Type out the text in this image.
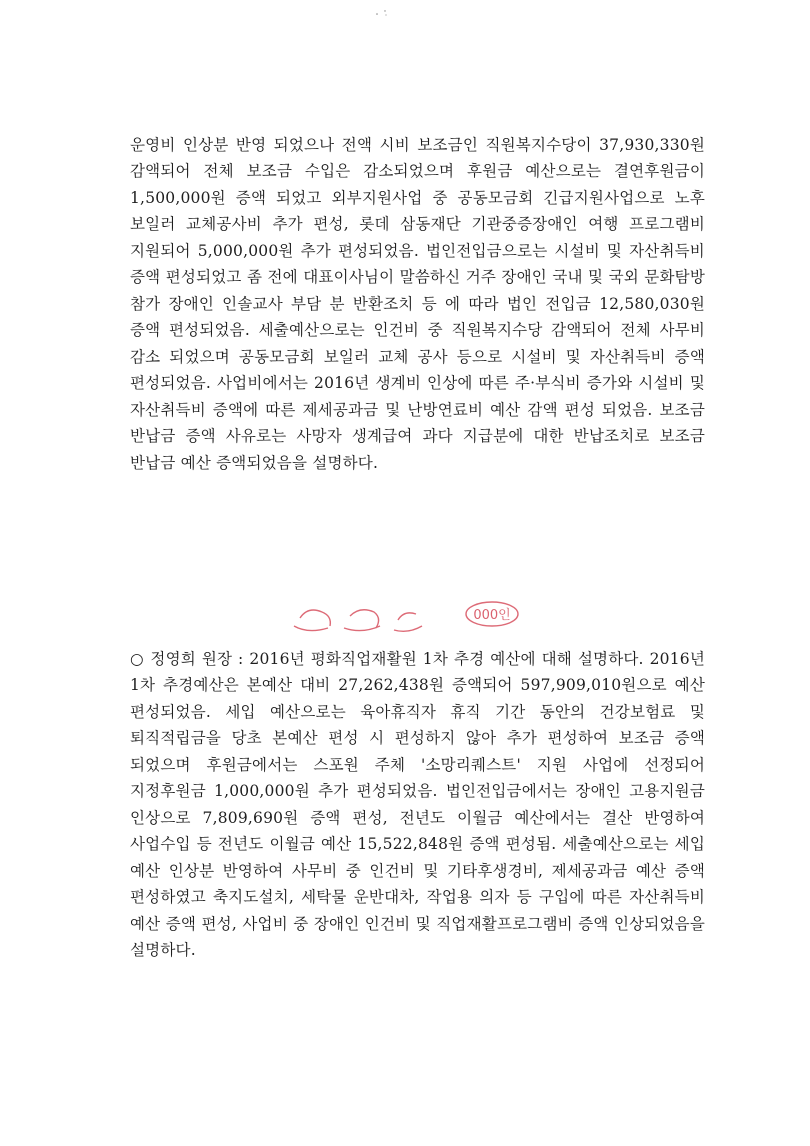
운영비 인상분 반영 되었으나 전액 시비 보조금인 직원복지수당이 37,930,330원 감액되어 전체 보조금 수입은 감소되었으며 후원금 예산으로는 결연후원금이 1,500,000원 증액 되었고 외부지원사업 중 공동모금회 긴급지원사업으로 노후 보일러 교체공사비 추가 편성, 롯데 삼동재단 기관중증장애인 여행 프로그램비 지원되어 5,000,000원 추가 편성되었음. 법인전입금으로는 시설비 및 자산취득비 증액 편성되었고 좀 전에 대표이사님이 말씀하신 거주 장애인 국내 및 국외 문화탐방 참가 장애인 인솔교사 부담 분 반환조치 등 에 따라 법인 전입금 12,580,030원 증액 편성되었음. 세출예산으로는 인건비 중 직원복지수당 감액되어 전체 사무비 감소 되었으며 공동모금회 보일러 교체 공사 등으로 시설비 및 자산취득비 증액 편성되었음. 사업비에서는 2016년 생계비 인상에 따른 주·부식비 증가와 시설비 및 자산취득비 증액에 따른 제세공과금 및 난방연료비 예산 감액 편성 되었음. 보조금 반납금 증액 사유로는 사망자 생계급여 과다 지급분에 대한 반납조치로 보조금 반납금 예산 증액되었음을 설명하다.

000인

○ 정영희 원장 : 2016년 평화직업재활원 1차 추경 예산에 대해 설명하다. 2016년 1차 추경예산은 본예산 대비 27,262,438원 증액되어 597,909,010원으로 예산 편성되었음. 세입 예산으로는 육아휴직자 휴직 기간 동안의 건강보험료 및 퇴직적립금을 당초 본예산 편성 시 편성하지 않아 추가 편성하여 보조금 증액 되었으며 후원금에서는 스포원 주체 '소망리퀘스트' 지원 사업에 선정되어 지정후원금 1,000,000원 추가 편성되었음. 법인전입금에서는 장애인 고용지원금 인상으로 7,809,690원 증액 편성, 전년도 이월금 예산에서는 결산 반영하여 사업수입 등 전년도 이월금 예산 15,522,848원 증액 편성됨. 세출예산으로는 세입 예산 인상분 반영하여 사무비 중 인건비 및 기타후생경비, 제세공과금 예산 증액 편성하였고 축지도설치, 세탁물 운반대차, 작업용 의자 등 구입에 따른 자산취득비 예산 증액 편성, 사업비 중 장애인 인건비 및 직업재활프로그램비 증액 인상되었음을 설명하다.
